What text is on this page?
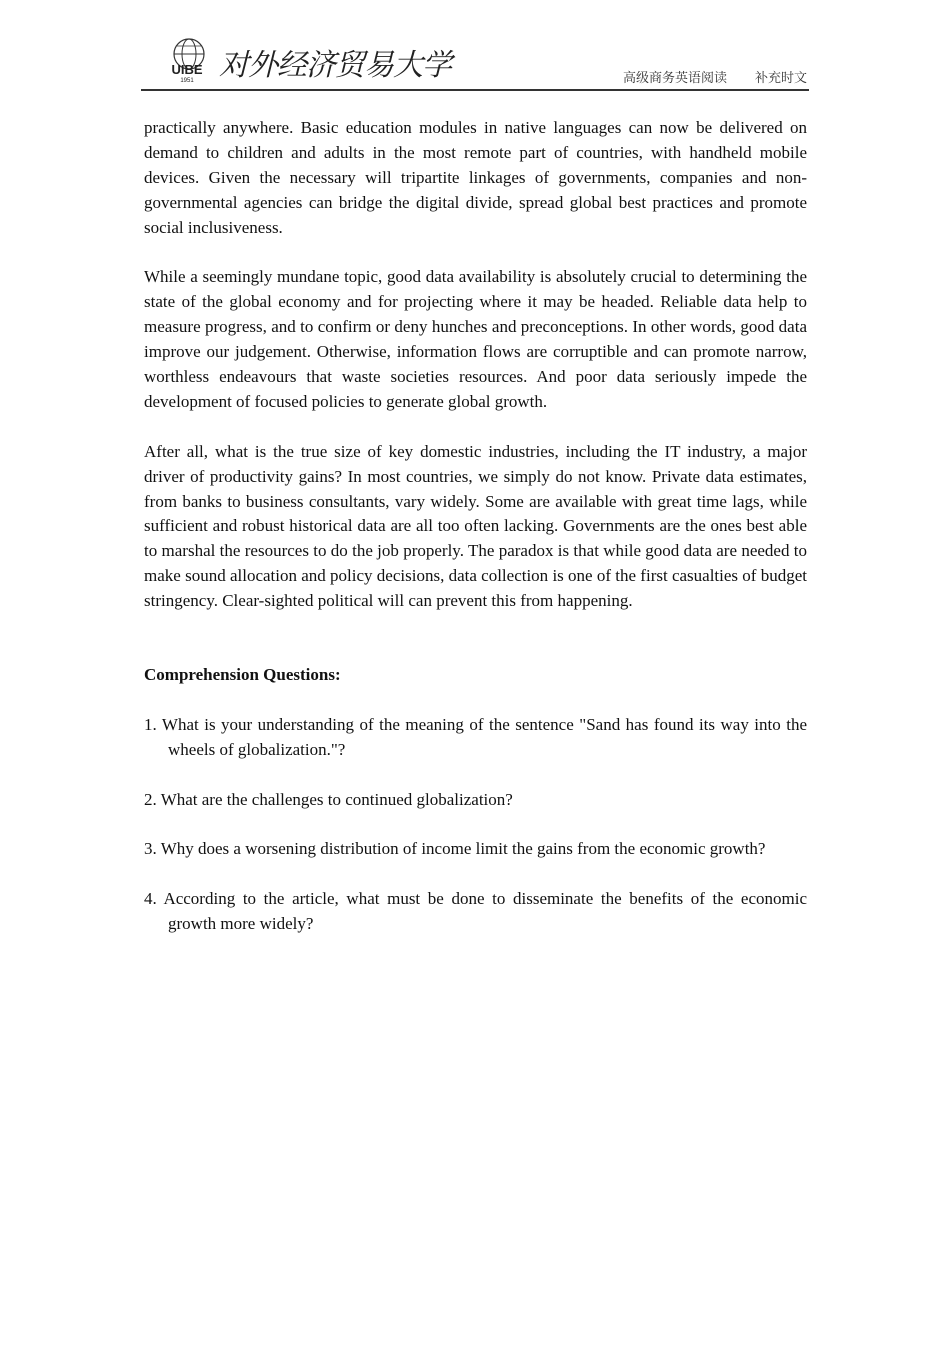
UIBE
1951 对外经济贸易大学	高级商务英语阅读 补充时文

practically anywhere. Basic education modules in native languages can now be delivered on demand to children and adults in the most remote part of countries, with handheld mobile devices. Given the necessary will tripartite linkages of governments, companies and non-governmental agencies can bridge the digital divide, spread global best practices and promote social inclusiveness.

While a seemingly mundane topic, good data availability is absolutely crucial to determining the state of the global economy and for projecting where it may be headed. Reliable data help to measure progress, and to confirm or deny hunches and preconceptions. In other words, good data improve our judgement. Otherwise, information flows are corruptible and can promote narrow, worthless endeavours that waste societies resources. And poor data seriously impede the development of focused policies to generate global growth.

After all, what is the true size of key domestic industries, including the IT industry, a major driver of productivity gains? In most countries, we simply do not know. Private data estimates, from banks to business consultants, vary widely. Some are available with great time lags, while sufficient and robust historical data are all too often lacking. Governments are the ones best able to marshal the resources to do the job properly. The paradox is that while good data are needed to make sound allocation and policy decisions, data collection is one of the first casualties of budget stringency. Clear-sighted political will can prevent this from happening.

Comprehension Questions:

1. What is your understanding of the meaning of the sentence "Sand has found its way into the wheels of globalization."?

2. What are the challenges to continued globalization?

3. Why does a worsening distribution of income limit the gains from the economic growth?

4. According to the article, what must be done to disseminate the benefits of the economic growth more widely?
